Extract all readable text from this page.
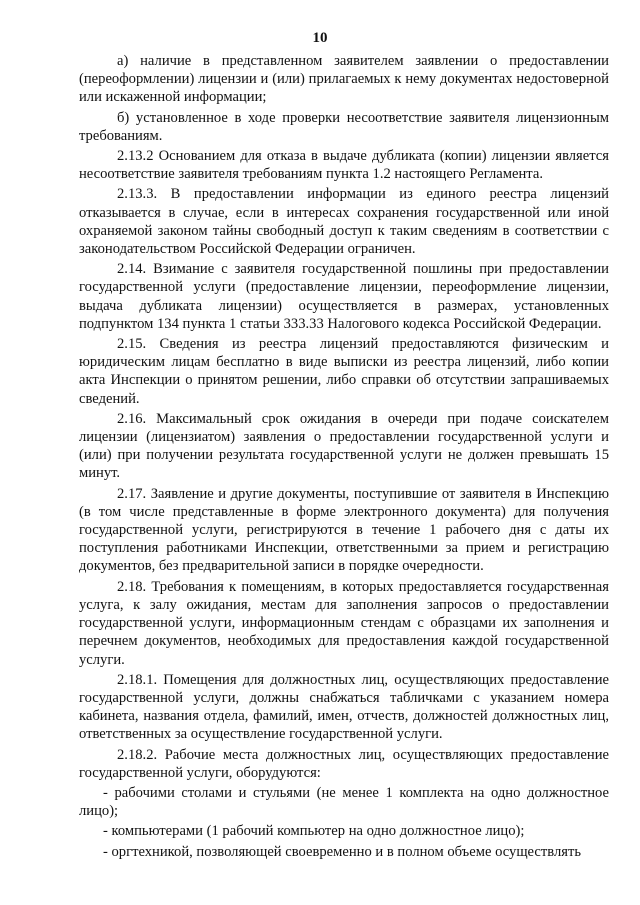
10

а) наличие в представленном заявителем заявлении о предоставлении (переоформлении) лицензии и (или) прилагаемых к нему документах недостоверной или искаженной информации;

б) установленное в ходе проверки несоответствие заявителя лицензионным требованиям.

2.13.2 Основанием для отказа в выдаче дубликата (копии) лицензии является несоответствие заявителя требованиям пункта 1.2 настоящего Регламента.

2.13.3. В предоставлении информации из единого реестра лицензий отказывается в случае, если в интересах сохранения государственной или иной охраняемой законом тайны свободный доступ к таким сведениям в соответствии с законодательством Российской Федерации ограничен.

2.14. Взимание с заявителя государственной пошлины при предоставлении государственной услуги (предоставление лицензии, переоформление лицензии, выдача дубликата лицензии) осуществляется в размерах, установленных подпунктом 134 пункта 1 статьи 333.33 Налогового кодекса Российской Федерации.

2.15. Сведения из реестра лицензий предоставляются физическим и юридическим лицам бесплатно в виде выписки из реестра лицензий, либо копии акта Инспекции о принятом решении, либо справки об отсутствии запрашиваемых сведений.

2.16. Максимальный срок ожидания в очереди при подаче соискателем лицензии (лицензиатом) заявления о предоставлении государственной услуги и (или) при получении результата государственной услуги не должен превышать 15 минут.

2.17. Заявление и другие документы, поступившие от заявителя в Инспекцию (в том числе представленные в форме электронного документа) для получения государственной услуги, регистрируются в течение 1 рабочего дня с даты их поступления работниками Инспекции, ответственными за прием и регистрацию документов, без предварительной записи в порядке очередности.

2.18. Требования к помещениям, в которых предоставляется государственная услуга, к залу ожидания, местам для заполнения запросов о предоставлении государственной услуги, информационным стендам с образцами их заполнения и перечнем документов, необходимых для предоставления каждой государственной услуги.

2.18.1. Помещения для должностных лиц, осуществляющих предоставление государственной услуги, должны снабжаться табличками с указанием номера кабинета, названия отдела, фамилий, имен, отчеств, должностей должностных лиц, ответственных за осуществление государственной услуги.

2.18.2. Рабочие места должностных лиц, осуществляющих предоставление государственной услуги, оборудуются:

- рабочими столами и стульями (не менее 1 комплекта на одно должностное лицо);

- компьютерами (1 рабочий компьютер на одно должностное лицо);

- оргтехникой, позволяющей своевременно и в полном объеме осуществлять
